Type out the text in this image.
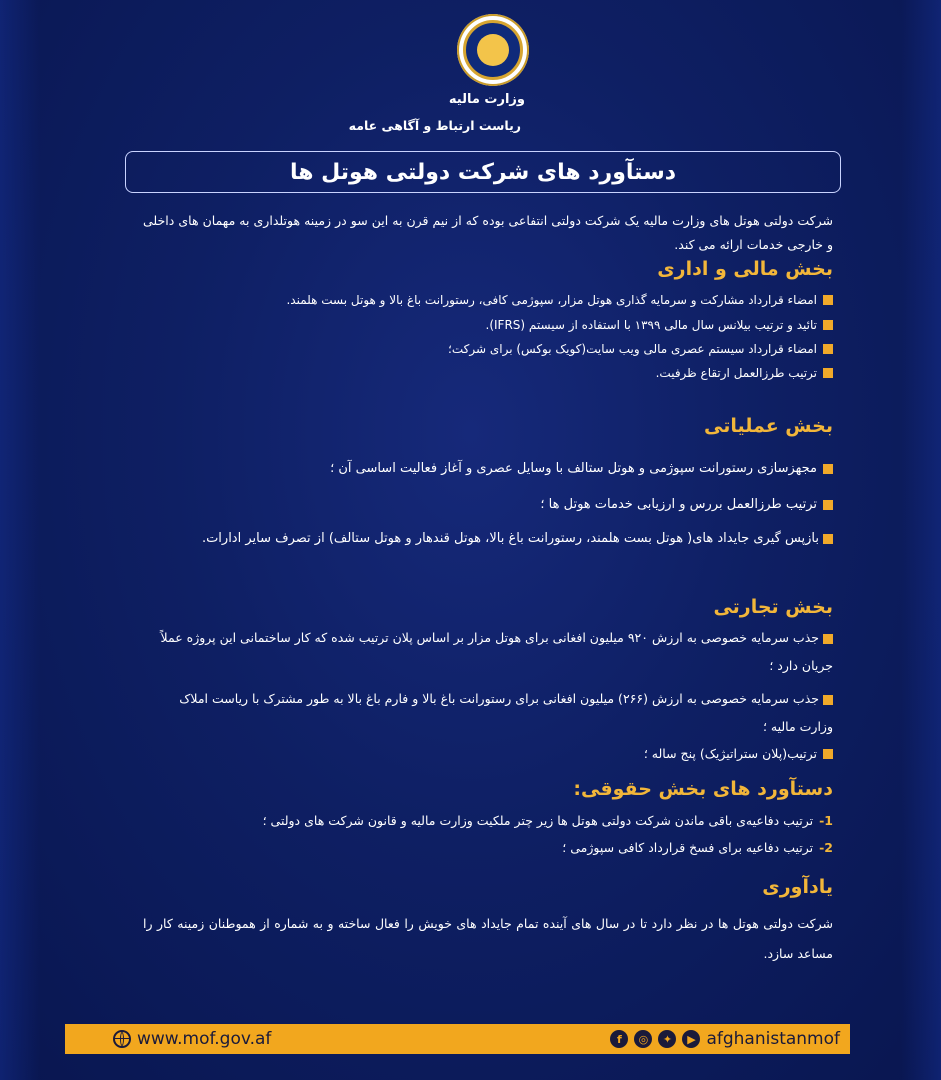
وزارت مالیه
ریاست ارتباط و آگاهی عامه
دستآورد های شرکت دولتی هوتل ها
شرکت دولتی هوتل های وزارت مالیه یک شرکت دولتی انتفاعی بوده که از نیم قرن به این سو در زمینه هوتلداری به مهمان های داخلی و خارجی خدمات ارائه می کند.
بخش مالی و اداری
امضاء قرارداد مشارکت و سرمایه گذاری هوتل مزار، سپوژمی کافی، رستورانت باغ بالا و هوتل بست هلمند.
تائید و ترتیب بیلانس سال مالی ۱۳۹۹ با استفاده از سیستم (IFRS).
امضاء قرارداد سیستم عصری مالی ویب سایت(کویک بوکس) برای شرکت؛
ترتیب طرزالعمل ارتقاع ظرفیت.
بخش عملیاتی
مجهزسازی رستورانت سپوژمی و هوتل ستالف با وسایل عصری و آغاز فعالیت اساسی آن ؛
ترتیب طرزالعمل بررس و ارزیابی خدمات هوتل ها ؛
بازپس گیری جایداد های( هوتل بست هلمند، رستورانت باغ بالا، هوتل قندهار و هوتل ستالف) از تصرف سایر ادارات.
بخش تجارتی
جذب سرمایه خصوصی به ارزش ۹۲۰ میلیون افغانی برای هوتل مزار بر اساس پلان ترتیب شده که کار ساختمانی این پروژه عملاً جریان دارد ؛
جذب سرمایه خصوصی به ارزش (۲۶۶) میلیون افغانی برای رستورانت باغ بالا و فارم باغ بالا به طور مشترک با ریاست املاک وزارت مالیه ؛
ترتیب(پلان ستراتیژیک) پنج ساله ؛
دستآورد های بخش حقوقی:
1-
ترتیب دفاعیه‌ی باقی ماندن شرکت دولتی هوتل ها زیر چتر ملکیت وزارت مالیه و قانون شرکت های دولتی ؛
2-
ترتیب دفاعیه برای فسخ قرارداد کافی سپوژمی ؛
یادآوری
شرکت دولتی هوتل ها در نظر دارد تا در سال های آینده تمام جایداد های خویش را فعال ساخته و به شماره از هموطنان زمینه کار را مساعد سازد.
www.mof.gov.af	f	◎	✦	▶ afghanistanmof
